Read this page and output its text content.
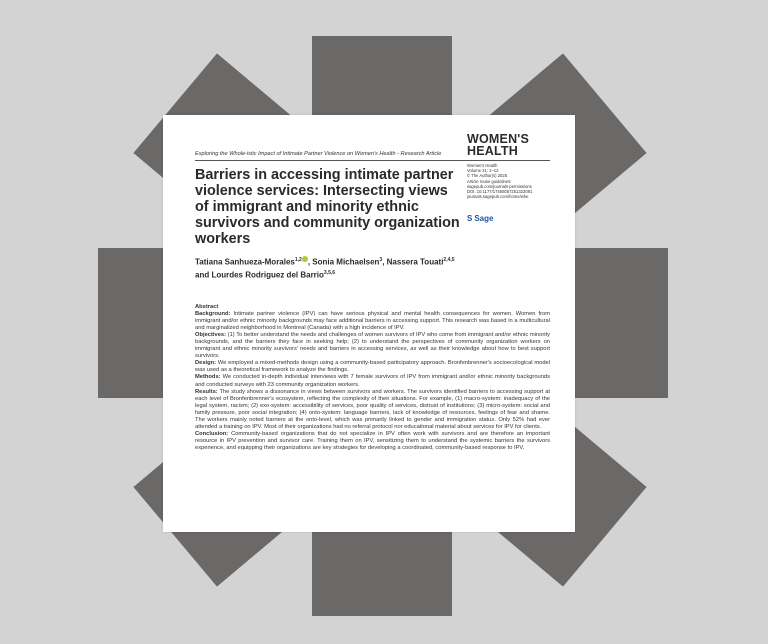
WOMEN'S HEALTH
Exploring the Whole-istic Impact of Intimate Partner Violence on Women's Health - Research Article
Women's Health
Volume 21: 1–12
© The Author(s) 2025
Article reuse guidelines:
sagepub.com/journals-permissions
DOI: 10.1177/17455057251323091
journals.sagepub.com/home/whe
S Sage
Barriers in accessing intimate partner violence services: Intersecting views of immigrant and minority ethnic survivors and community organization workers
Tatiana Sanhueza-Morales$^{1,2}$ , Sonia Michaelsen$^3$, Nassera Touati$^{2,4,5}$
and Lourdes Rodriguez del Barrio$^{3,5,6}$

Abstract

Background: Intimate partner violence (IPV) can have serious physical and mental health consequences for women. Women from immigrant and/or ethnic minority backgrounds may face additional barriers in accessing support. This research was based in a multicultural and marginalized neighborhood in Montreal (Canada) with a high incidence of IPV.

Objectives: (1) To better understand the needs and challenges of women survivors of IPV who come from immigrant and/or ethnic minority backgrounds, and the barriers they face in seeking help; (2) to understand the perspectives of community organization workers on immigrant and ethnic minority survivors' needs and barriers in accessing services, as well as their knowledge about how to best support survivors.

Design: We employed a mixed-methods design using a community-based participatory approach. Bronfenbrenner's socioecological model was used as a theoretical framework to analyze the findings.

Methods: We conducted in-depth individual interviews with 7 female survivors of IPV from immigrant and/or ethnic minority backgrounds and conducted surveys with 23 community organization workers.

Results: The study shows a dissonance in views between survivors and workers. The survivors identified barriers to accessing support at each level of Bronfenbrenner's ecosystem, reflecting the complexity of their situations. For example, (1) macro-system: inadequacy of the legal system, racism; (2) exo-system: accessibility of services, poor quality of services, distrust of institutions; (3) micro-system: social and family pressure, poor social integration; (4) onto-system: language barriers, lack of knowledge of resources, feelings of fear and shame. The workers mainly noted barriers at the onto-level, which was primarily linked to gender and immigration status. Only 52% had ever attended a training on IPV. Most of their organizations had no referral protocol nor educational material about services for IPV for clients.

Conclusion: Community-based organizations that do not specialize in IPV often work with survivors and are therefore an important resource in IPV prevention and survivor care. Training them on IPV, sensitizing them to understand the systemic barriers the survivors experience, and equipping their organizations are key strategies for developing a coordinated, community-based response to IPV.
